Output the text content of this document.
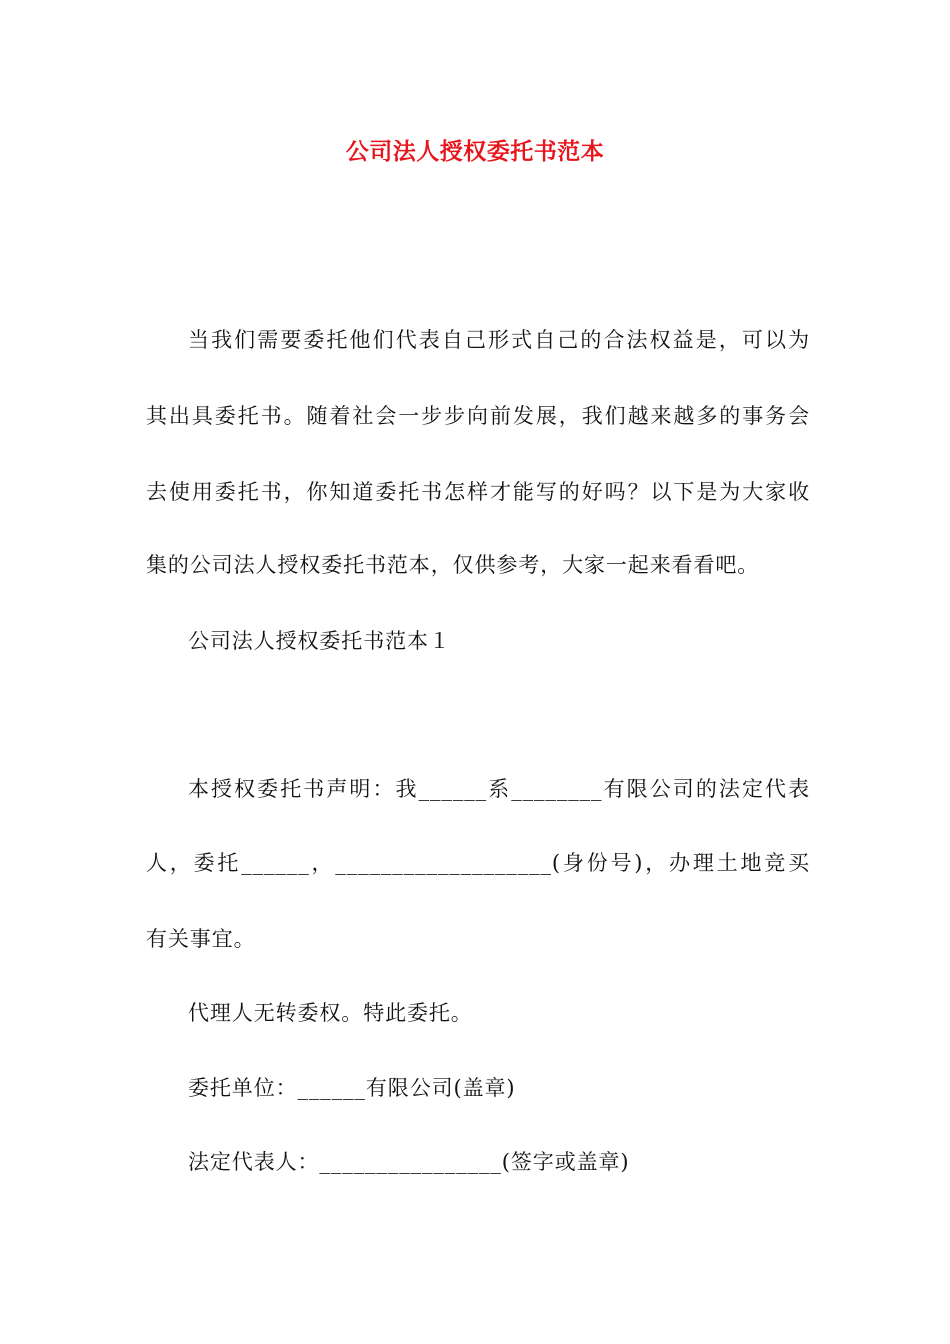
公司法人授权委托书范本
当我们需要委托他们代表自己形式自己的合法权益是，可以为
其出具委托书。随着社会一步步向前发展，我们越来越多的事务会
去使用委托书，你知道委托书怎样才能写的好吗？以下是为大家收
集的公司法人授权委托书范本，仅供参考，大家一起来看看吧。
公司法人授权委托书范本１
本授权委托书声明：我______系________有限公司的法定代表
人，委托______，___________________(身份号)，办理土地竞买
有关事宜。
代理人无转委权。特此委托。
委托单位：______有限公司(盖章)
法定代表人：________________(签字或盖章)
